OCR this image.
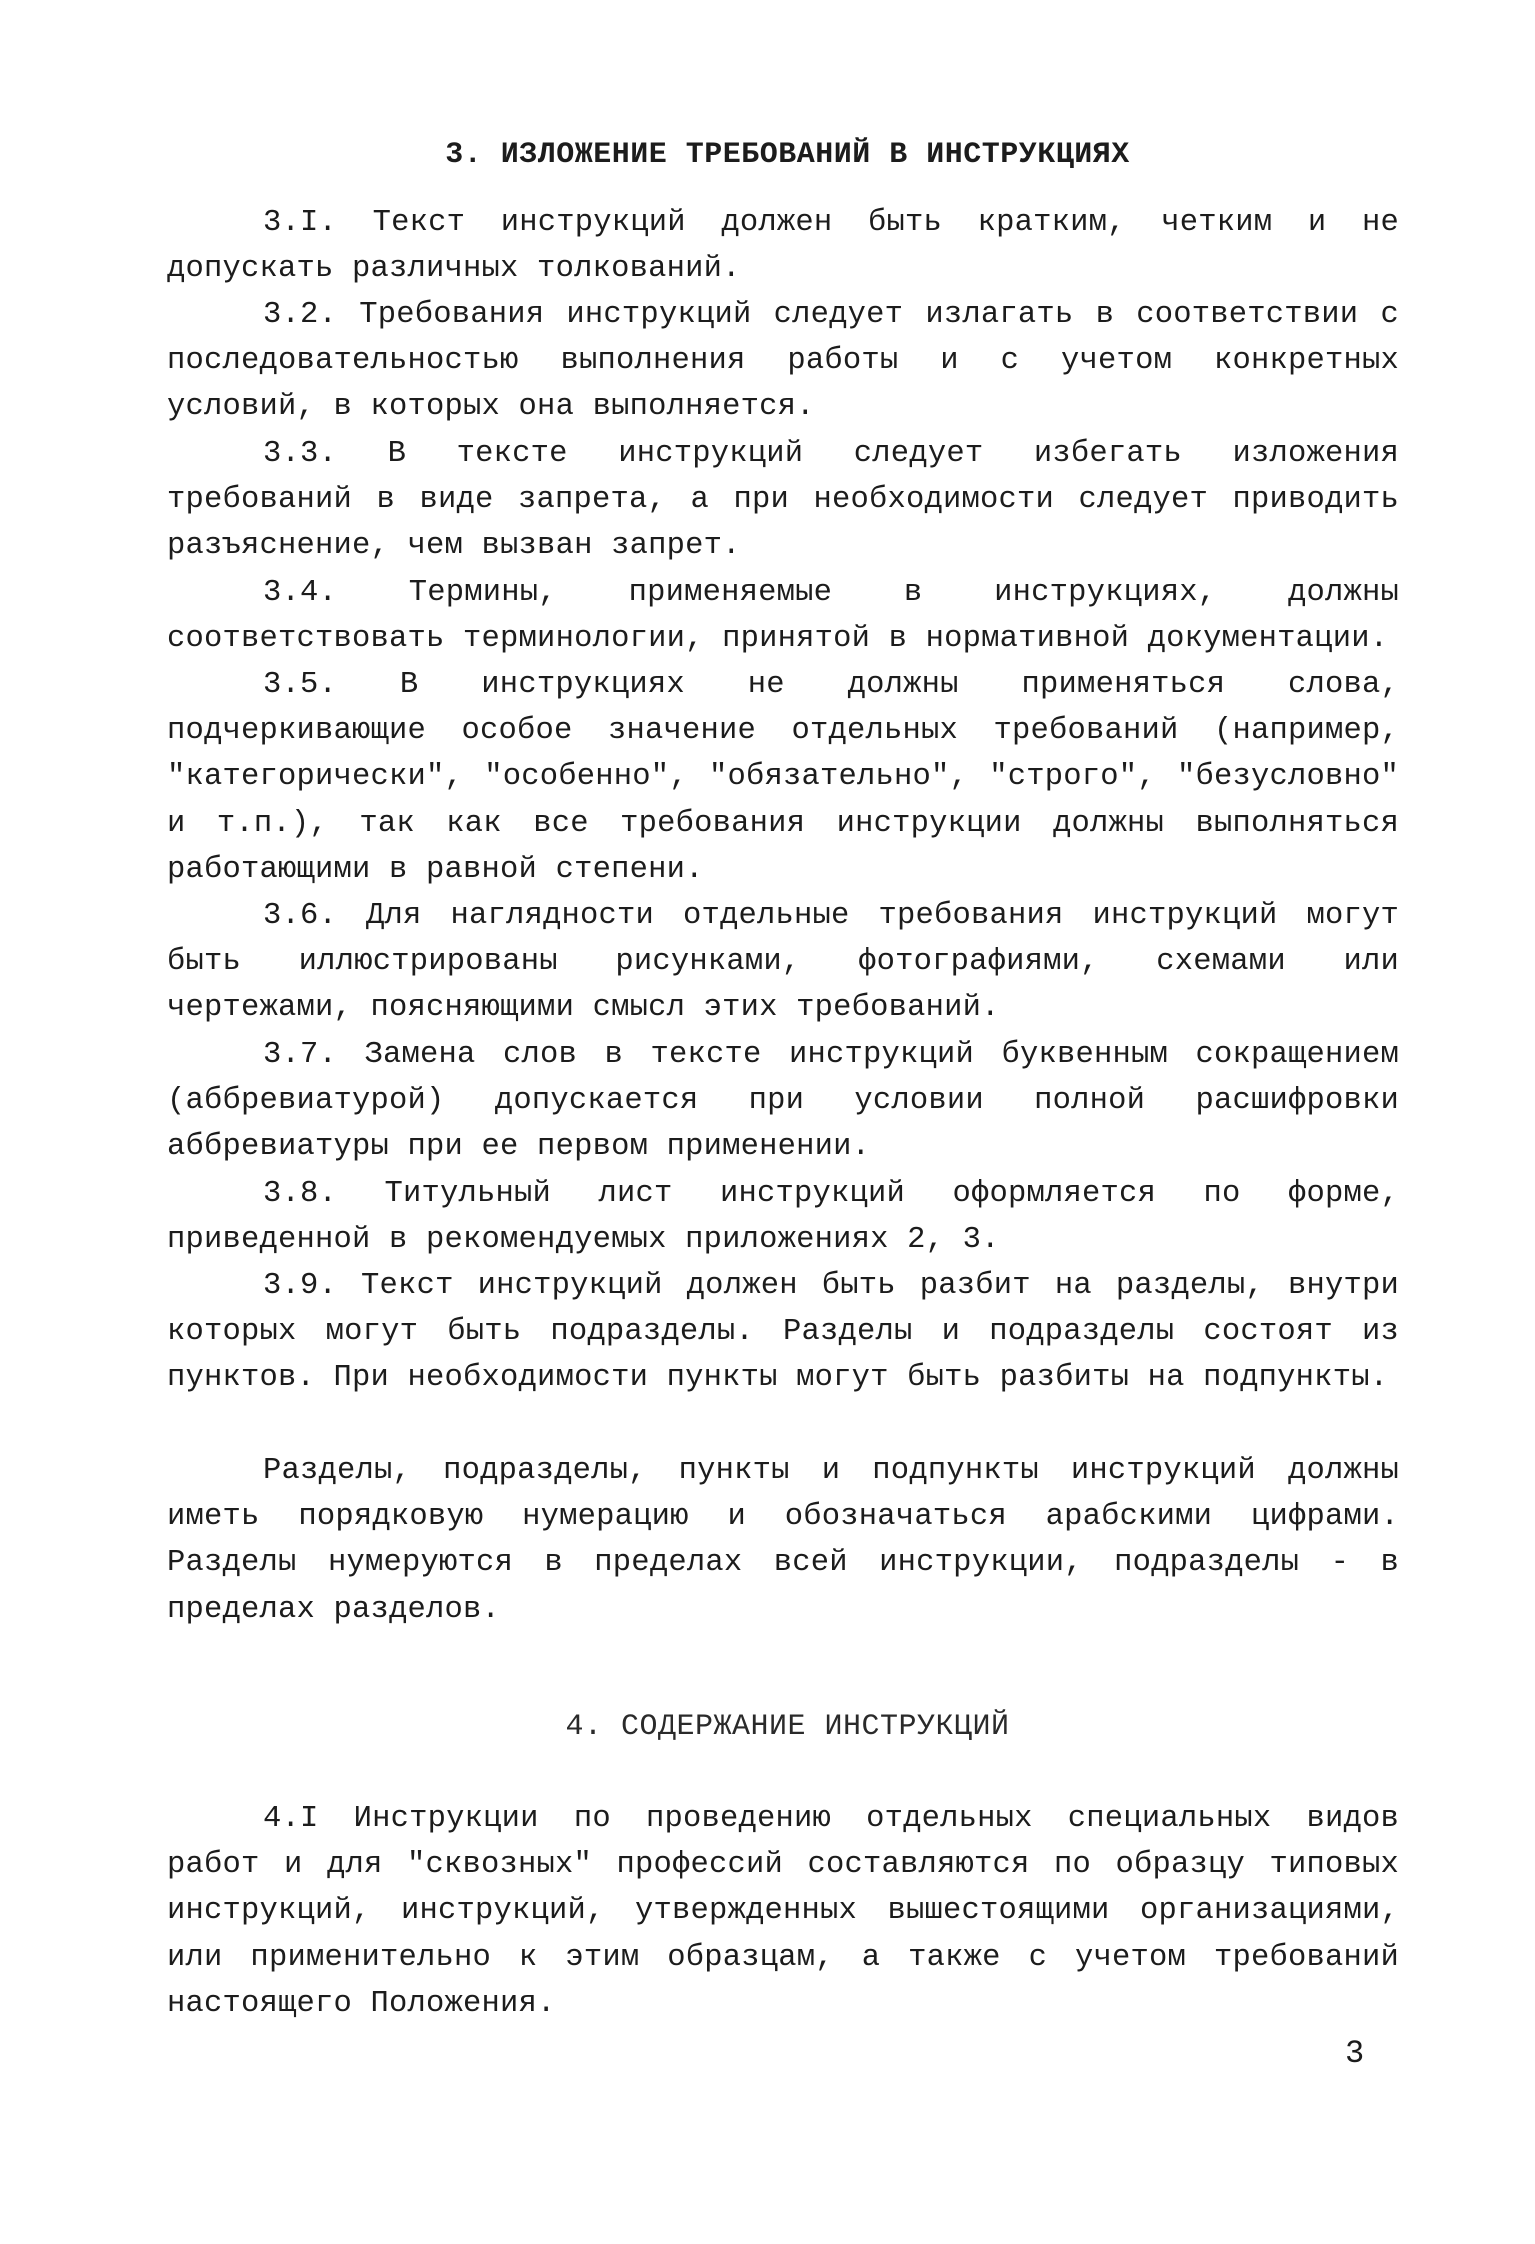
3. ИЗЛОЖЕНИЕ ТРЕБОВАНИЙ В ИНСТРУКЦИЯХ

3.I. Текст инструкций должен быть кратким, четким и не допускать различных толкований.

3.2. Требования инструкций следует излагать в соответствии с последовательностью выполнения работы и с учетом конкретных условий, в которых она выполняется.

3.3. В тексте инструкций следует избегать изложения требований в виде запрета, а при необходимости следует приводить разъяснение, чем вызван запрет.

3.4. Термины, применяемые в инструкциях, должны соответствовать терминологии, принятой в нормативной документации.

3.5. В инструкциях не должны применяться слова, подчеркивающие особое значение отдельных требований (например, "категорически", "особенно", "обязательно", "строго", "безусловно" и т.п.), так как все требования инструкции должны выполняться работающими в равной степени.

3.6. Для наглядности отдельные требования инструкций могут быть иллюстрированы рисунками, фотографиями, схемами или чертежами, поясняющими смысл этих требований.

3.7. Замена слов в тексте инструкций буквенным сокращением (аббревиатурой) допускается при условии полной расшифровки аббревиатуры при ее первом применении.

3.8. Титульный лист инструкций оформляется по форме, приведенной в рекомендуемых приложениях 2, 3.

3.9. Текст инструкций должен быть разбит на разделы, внутри которых могут быть подразделы. Разделы и подразделы состоят из пунктов. При необходимости пункты могут быть разбиты на подпункты.

Разделы, подразделы, пункты и подпункты инструкций должны иметь порядковую нумерацию и обозначаться арабскими цифрами. Разделы нумеруются в пределах всей инструкции, подразделы - в пределах разделов.

4. СОДЕРЖАНИЕ ИНСТРУКЦИЙ

4.I Инструкции по проведению отдельных специальных видов работ и для "сквозных" профессий составляются по образцу типовых инструкций, инструкций, утвержденных вышестоящими организациями, или применительно к этим образцам, а также с учетом требований настоящего Положения.

3
